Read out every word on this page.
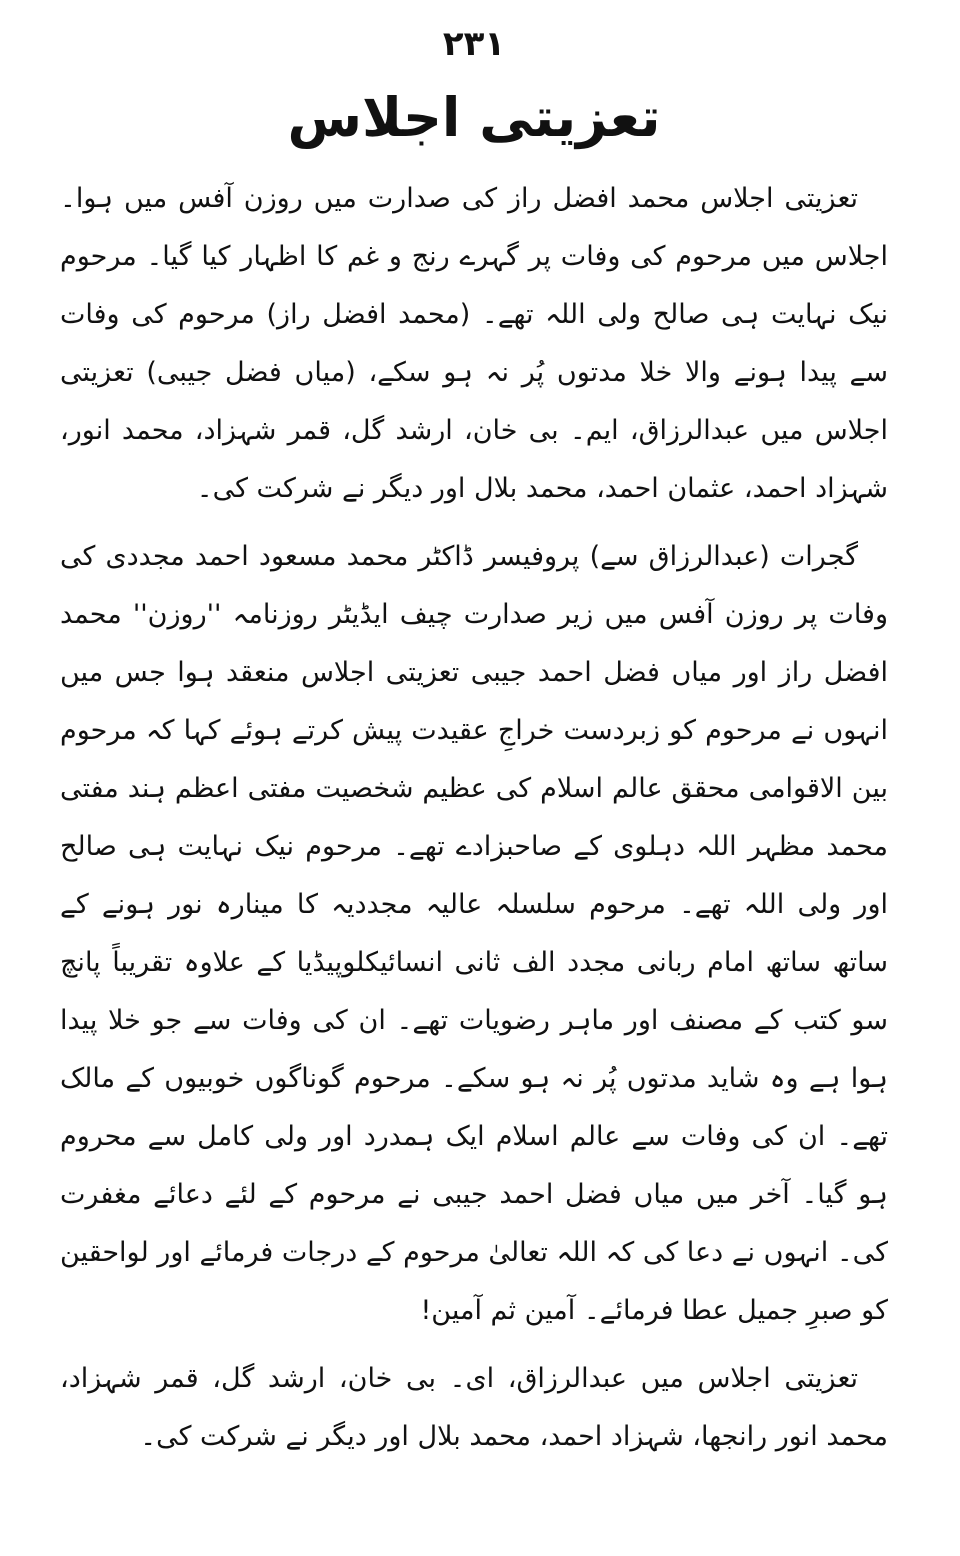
۲۳۱
تعزیتی اجلاس

تعزیتی اجلاس محمد افضل راز کی صدارت میں روزن آفس میں ہوا۔ اجلاس میں مرحوم کی وفات پر گہرے رنج و غم کا اظہار کیا گیا۔ مرحوم نیک نہایت ہی صالح ولی اللہ تھے۔ (محمد افضل راز) مرحوم کی وفات سے پیدا ہونے والا خلا مدتوں پُر نہ ہو سکے، (میاں فضل جیبی) تعزیتی اجلاس میں عبدالرزاق، ایم۔ بی خان، ارشد گل، قمر شہزاد، محمد انور، شہزاد احمد، عثمان احمد، محمد بلال اور دیگر نے شرکت کی۔

گجرات (عبدالرزاق سے) پروفیسر ڈاکٹر محمد مسعود احمد مجددی کی وفات پر روزن آفس میں زیر صدارت چیف ایڈیٹر روزنامہ ''روزن'' محمد افضل راز اور میاں فضل احمد جیبی تعزیتی اجلاس منعقد ہوا جس میں انہوں نے مرحوم کو زبردست خراجِ عقیدت پیش کرتے ہوئے کہا کہ مرحوم بین الاقوامی محقق عالم اسلام کی عظیم شخصیت مفتی اعظم ہند مفتی محمد مظہر اللہ دہلوی کے صاحبزادے تھے۔ مرحوم نیک نہایت ہی صالح اور ولی اللہ تھے۔ مرحوم سلسلہ عالیہ مجددیہ کا مینارہ نور ہونے کے ساتھ ساتھ امام ربانی مجدد الف ثانی انسائیکلوپیڈیا کے علاوہ تقریباً پانچ سو کتب کے مصنف اور ماہر رضویات تھے۔ ان کی وفات سے جو خلا پیدا ہوا ہے وہ شاید مدتوں پُر نہ ہو سکے۔ مرحوم گوناگوں خوبیوں کے مالک تھے۔ ان کی وفات سے عالم اسلام ایک ہمدرد اور ولی کامل سے محروم ہو گیا۔ آخر میں میاں فضل احمد جیبی نے مرحوم کے لئے دعائے مغفرت کی۔ انہوں نے دعا کی کہ اللہ تعالیٰ مرحوم کے درجات فرمائے اور لواحقین کو صبرِ جمیل عطا فرمائے۔ آمین ثم آمین!

تعزیتی اجلاس میں عبدالرزاق، ای۔ بی خان، ارشد گل، قمر شہزاد، محمد انور رانجھا، شہزاد احمد، محمد بلال اور دیگر نے شرکت کی۔
